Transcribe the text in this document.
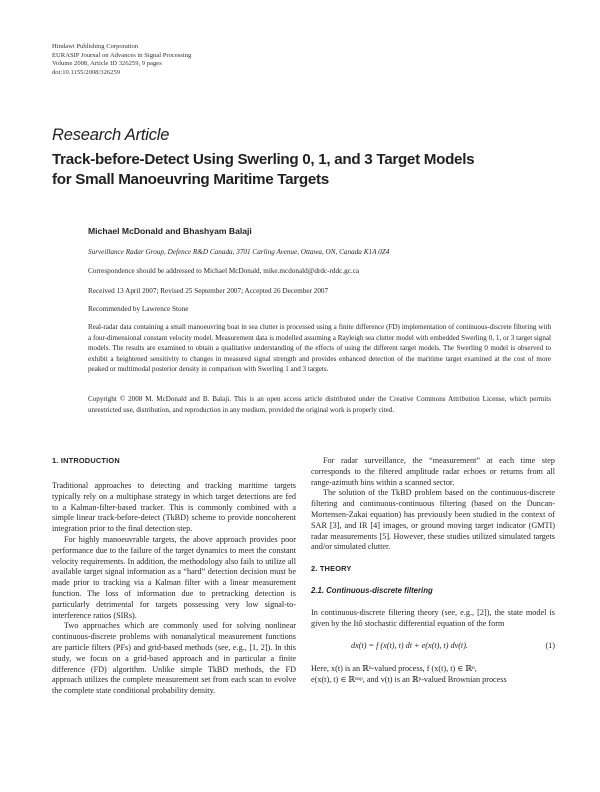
Hindawi Publishing Corporation
EURASIP Journal on Advances in Signal Processing
Volume 2008, Article ID 326259, 9 pages
doi:10.1155/2008/326259
Research Article
Track-before-Detect Using Swerling 0, 1, and 3 Target Models
for Small Manoeuvring Maritime Targets
Michael McDonald and Bhashyam Balaji
Surveillance Radar Group, Defence R&D Canada, 3701 Carling Avenue, Ottawa, ON, Canada K1A 0Z4
Correspondence should be addressed to Michael McDonald, mike.mcdonald@drdc-rddc.gc.ca
Received 13 April 2007; Revised 25 September 2007; Accepted 26 December 2007
Recommended by Lawrence Stone
Real-radar data containing a small manoeuvring boat in sea clutter is processed using a finite difference (FD) implementation of continuous-discrete filtering with a four-dimensional constant velocity model. Measurement data is modelled assuming a Rayleigh sea clutter model with embedded Swerling 0, 1, or 3 target signal models. The results are examined to obtain a qualitative understanding of the effects of using the different target models. The Swerling 0 model is observed to exhibit a heightened sensitivity to changes in measured signal strength and provides enhanced detection of the maritime target examined at the cost of more peaked or multimodal posterior density in comparison with Swerling 1 and 3 targets.
Copyright © 2008 M. McDonald and B. Balaji. This is an open access article distributed under the Creative Commons Attribution License, which permits unrestricted use, distribution, and reproduction in any medium, provided the original work is properly cited.
1. INTRODUCTION
Traditional approaches to detecting and tracking maritime targets typically rely on a multiphase strategy in which target detections are fed to a Kalman-filter-based tracker. This is commonly combined with a simple linear track-before-detect (TkBD) scheme to provide noncoherent integration prior to the final detection step.
For highly manoeuvrable targets, the above approach provides poor performance due to the failure of the target dynamics to meet the constant velocity requirements. In addition, the methodology also fails to utilize all available target signal information as a “hard” detection decision must be made prior to tracking via a Kalman filter with a linear measurement function. The loss of information due to pretracking detection is particularly detrimental for targets possessing very low signal-to-interference ratios (SIRs).
Two approaches which are commonly used for solving nonlinear continuous-discrete problems with nonanalytical measurement functions are particle filters (PFs) and grid-based methods (see, e.g., [1, 2]). In this study, we focus on a grid-based approach and in particular a finite difference (FD) algorithm. Unlike simple TkBD methods, the FD approach utilizes the complete measurement set from each scan to evolve the complete state conditional probability density.
For radar surveillance, the “measurement” at each time step corresponds to the filtered amplitude radar echoes or returns from all range-azimuth bins within a scanned sector.
The solution of the TkBD problem based on the continuous-discrete filtering and continuous-continuous filtering (based on the Duncan-Mortensen-Zakai equation) has previously been studied in the context of SAR [3], and IR [4] images, or ground moving target indicator (GMTI) radar measurements [5]. However, these studies utilized simulated targets and/or simulated clutter.
2. THEORY
2.1. Continuous-discrete filtering
In continuous-discrete filtering theory (see, e.g., [2]), the state model is given by the Itô stochastic differential equation of the form
dx(t) = f (x(t), t) dt + e(x(t), t) dv(t).	(1)
Here, x(t) is an ℝⁿ-valued process, f (x(t), t) ∈ ℝⁿ,
e(x(t), t) ∈ ℝⁿˣᵖ, and v(t) is an ℝᵖ-valued Brownian process
